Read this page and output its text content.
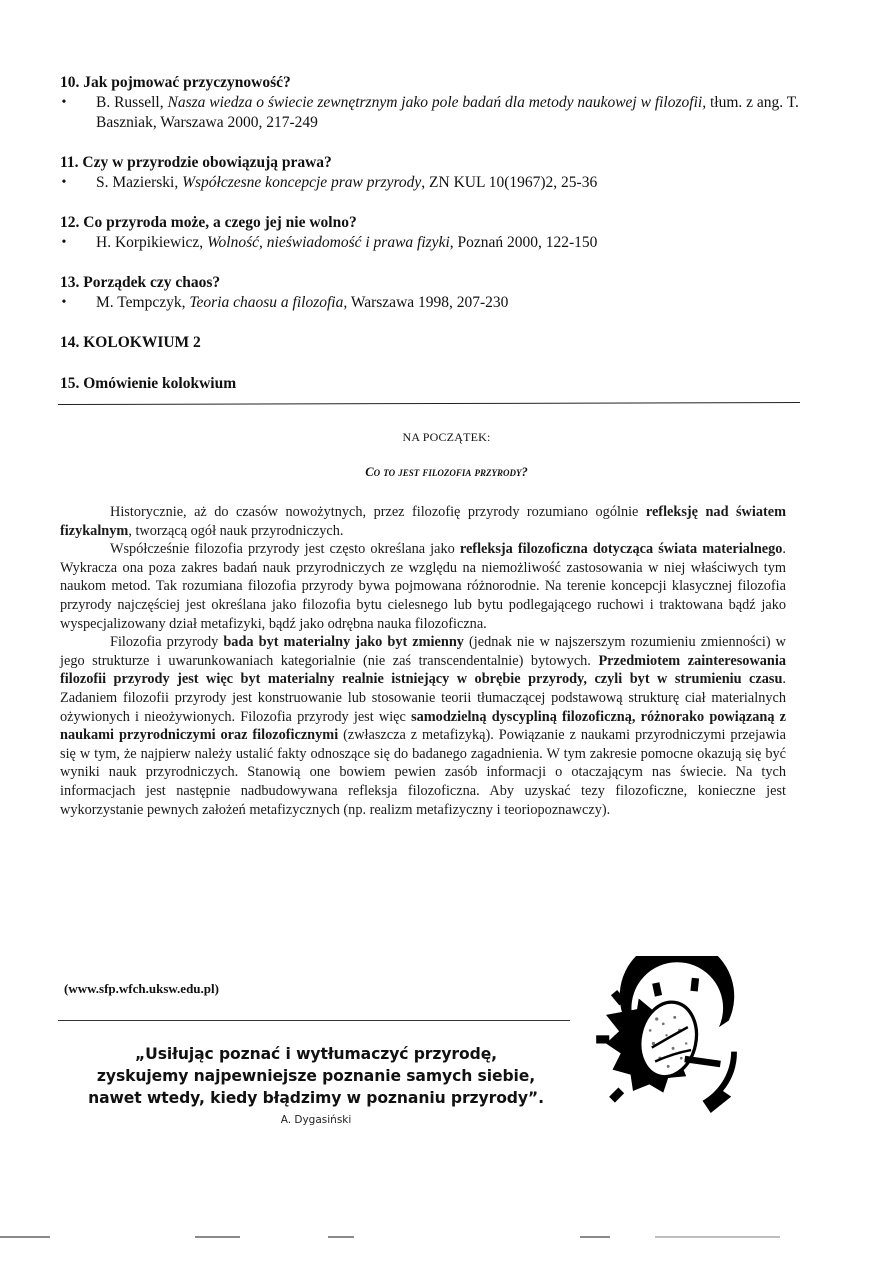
10. Jak pojmować przyczynowość?

• B. Russell, Nasza wiedza o świecie zewnętrznym jako pole badań dla metody naukowej w filozofii, tłum. z ang. T. Baszniak, Warszawa 2000, 217-249

11. Czy w przyrodzie obowiązują prawa?

• S. Mazierski, Współczesne koncepcje praw przyrody, ZN KUL 10(1967)2, 25-36

12. Co przyroda może, a czego jej nie wolno?

• H. Korpikiewicz, Wolność, nieświadomość i prawa fizyki, Poznań 2000, 122-150

13. Porządek czy chaos?

• M. Tempczyk, Teoria chaosu a filozofia, Warszawa 1998, 207-230

14. KOLOKWIUM 2

15. Omówienie kolokwium

NA POCZĄTEK:
Co to jest filozofia przyrody?

Historycznie, aż do czasów nowożytnych, przez filozofię przyrody rozumiano ogólnie refleksję nad światem fizykalnym, tworzącą ogół nauk przyrodniczych.

Współcześnie filozofia przyrody jest często określana jako refleksja filozoficzna dotycząca świata materialnego. Wykracza ona poza zakres badań nauk przyrodniczych ze względu na niemożliwość zastosowania w niej właściwych tym naukom metod. Tak rozumiana filozofia przyrody bywa pojmowana różnorodnie. Na terenie koncepcji klasycznej filozofia przyrody najczęściej jest określana jako filozofia bytu cielesnego lub bytu podlegającego ruchowi i traktowana bądź jako wyspecjalizowany dział metafizyki, bądź jako odrębna nauka filozoficzna.

Filozofia przyrody bada byt materialny jako byt zmienny (jednak nie w najszerszym rozumieniu zmienności) w jego strukturze i uwarunkowaniach kategorialnie (nie zaś transcendentalnie) bytowych. Przedmiotem zainteresowania filozofii przyrody jest więc byt materialny realnie istniejący w obrębie przyrody, czyli byt w strumieniu czasu. Zadaniem filozofii przyrody jest konstruowanie lub stosowanie teorii tłumaczącej podstawową strukturę ciał materialnych ożywionych i nieożywionych. Filozofia przyrody jest więc samodzielną dyscypliną filozoficzną, różnorako powiązaną z naukami przyrodniczymi oraz filozoficznymi (zwłaszcza z metafizyką). Powiązanie z naukami przyrodniczymi przejawia się w tym, że najpierw należy ustalić fakty odnoszące się do badanego zagadnienia. W tym zakresie pomocne okazują się być wyniki nauk przyrodniczych. Stanowią one bowiem pewien zasób informacji o otaczającym nas świecie. Na tych informacjach jest następnie nadbudowywana refleksja filozoficzna. Aby uzyskać tezy filozoficzne, konieczne jest wykorzystanie pewnych założeń metafizycznych (np. realizm metafizyczny i teoriopoznawczy).

(www.sfp.wfch.uksw.edu.pl)
„Usiłując poznać i wytłumaczyć przyrodę,
zyskujemy najpewniejsze poznanie samych siebie,
nawet wtedy, kiedy błądzimy w poznaniu przyrody”.
A. Dygasiński
